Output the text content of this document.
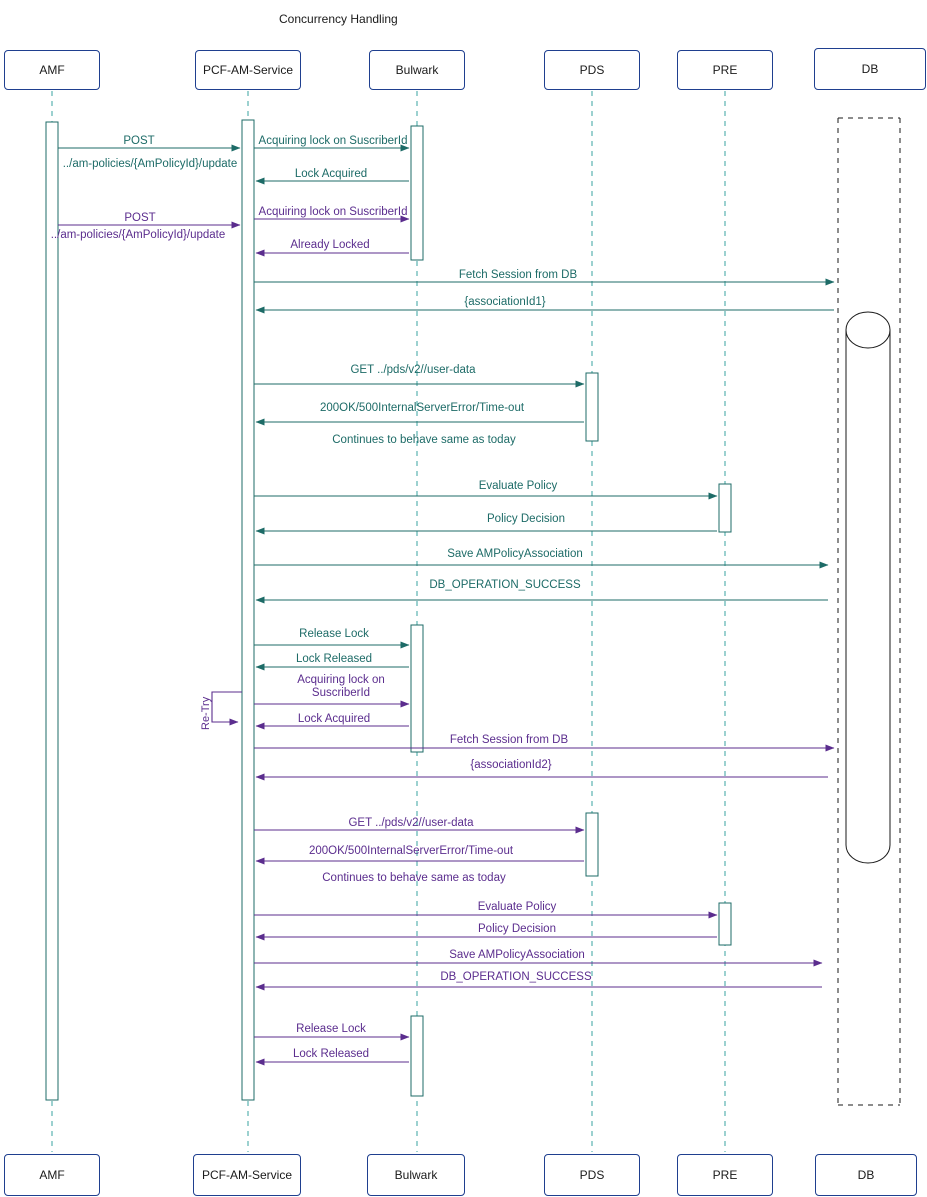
Concurrency Handling
AMF	PCF-AM-Service	Bulwark	PDS	PRE	DB
AMF	PCF-AM-Service	Bulwark	PDS	PRE	DB
POST
../am-policies/{AmPolicyId}/update
Acquiring lock on SuscriberId
Lock Acquired
POST	Acquiring lock on SuscriberId
../am-policies/{AmPolicyId}/update
Already Locked
Fetch Session from DB
{associationId1}
GET ../pds/v2//user-data
200OK/500InternalServerError/Time-out
Continues to behave same as today
Evaluate Policy
Policy Decision
Save AMPolicyAssociation
DB_OPERATION_SUCCESS
Release Lock
Lock Released
Acquiring lock on SuscriberId
Lock Acquired
Fetch Session from DB
{associationId2}
GET ../pds/v2//user-data
200OK/500InternalServerError/Time-out
Continues to behave same as today
Evaluate Policy
Policy Decision
Save AMPolicyAssociation
DB_OPERATION_SUCCESS
Release Lock
Lock Released
Re-Try
